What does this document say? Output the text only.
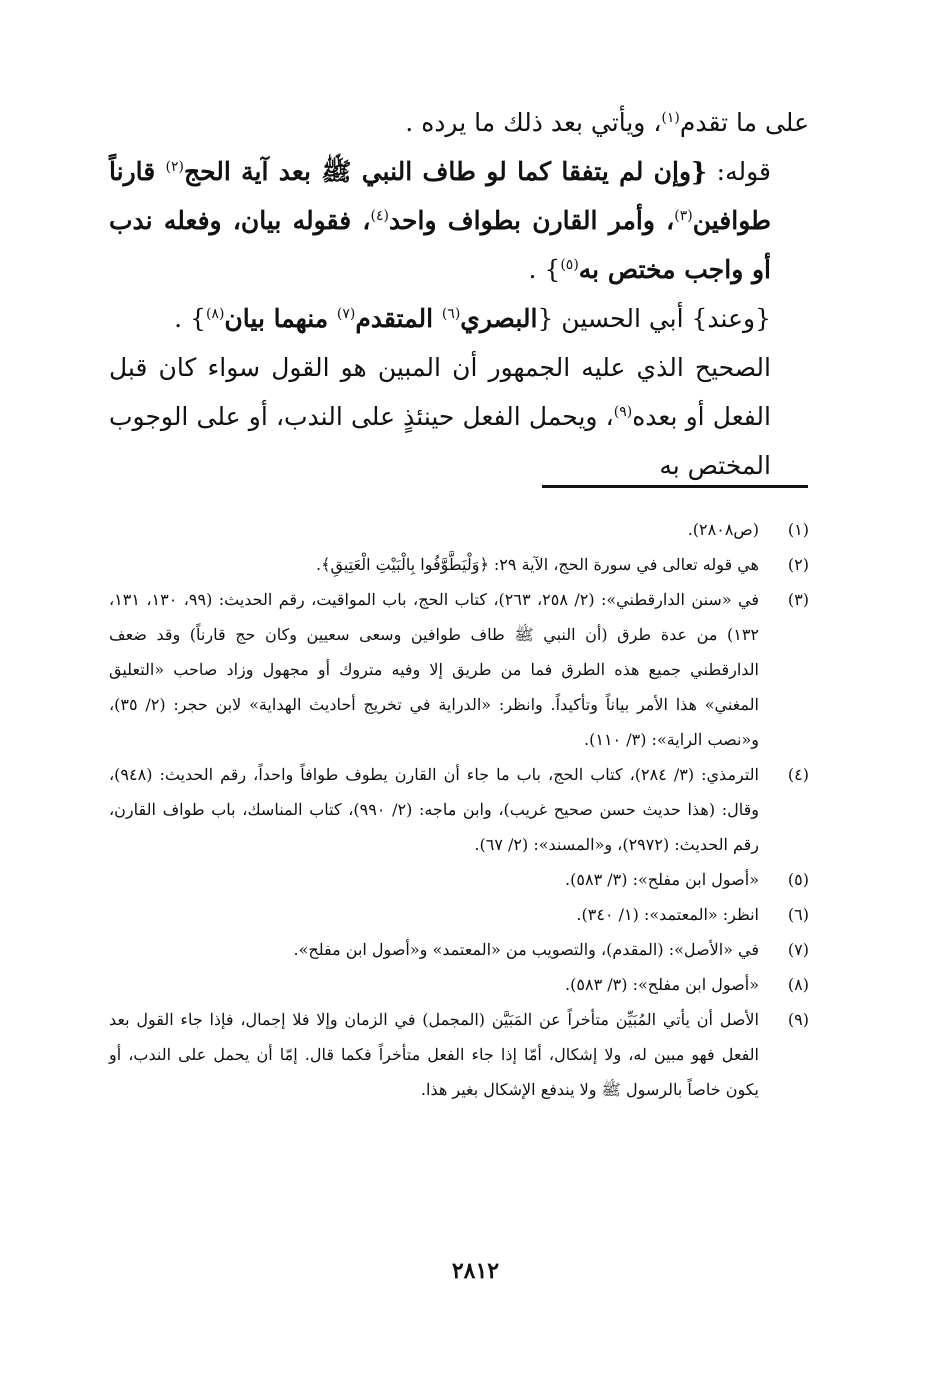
على ما تقدم$^{(١)}$، ويأتي بعد ذلك ما يرده .

قوله: {وإن لم يتفقا كما لو طاف النبي ﷺ بعد آية الحج$^{(٢)}$ قارناً طوافين$^{(٣)}$، وأمر القارن بطواف واحد$^{(٤)}$، فقوله بيان، وفعله ندب أو واجب مختص به$^{(٥)}$} .

{وعند} أبي الحسين {البصري$^{(٦)}$ المتقدم$^{(٧)}$ منهما بيان$^{(٨)}$} .

الصحيح الذي عليه الجمهور أن المبين هو القول سواء كان قبل الفعل أو بعده$^{(٩)}$، ويحمل الفعل حينئذٍ على الندب، أو على الوجوب المختص به

(١)
(ص٢٨٠٨).
(٢)
هي قوله تعالى في سورة الحج، الآية ٢٩: ﴿وَلْيَطَّوَّفُوا بِالْبَيْتِ الْعَتِيقِ﴾.
(٣)
في «سنن الدارقطني»: (٢/ ٢٥٨، ٢٦٣)، كتاب الحج، باب المواقيت، رقم الحديث: (٩٩، ١٣٠، ١٣١، ١٣٢) من عدة طرق (أن النبي ﷺ طاف طوافين وسعى سعيين وكان حج قارناً) وقد ضعف الدارقطني جميع هذه الطرق فما من طريق إلا وفيه متروك أو مجهول وزاد صاحب «التعليق المغني» هذا الأمر بياناً وتأكيداً. وانظر: «الدراية في تخريج أحاديث الهداية» لابن حجر: (٢/ ٣٥)، و«نصب الراية»: (٣/ ١١٠).
(٤)
الترمذي: (٣/ ٢٨٤)، كتاب الحج، باب ما جاء أن القارن يطوف طوافاً واحداً، رقم الحديث: (٩٤٨)، وقال: (هذا حديث حسن صحيح غريب)، وابن ماجه: (٢/ ٩٩٠)، كتاب المناسك، باب طواف القارن، رقم الحديث: (٢٩٧٢)، و«المسند»: (٢/ ٦٧).
(٥)
«أصول ابن مفلح»: (٣/ ٥٨٣).
(٦)
انظر: «المعتمد»: (١/ ٣٤٠).
(٧)
في «الأصل»: (المقدم)، والتصويب من «المعتمد» و«أصول ابن مفلح».
(٨)
«أصول ابن مفلح»: (٣/ ٥٨٣).
(٩)
الأصل أن يأتي المُبَيِّن متأخراً عن المَبَيَّن (المجمل) في الزمان وإلا فلا إجمال، فإذا جاء القول بعد الفعل فهو مبين له، ولا إشكال، أمّا إذا جاء الفعل متأخراً فكما قال. إمّا أن يحمل على الندب، أو يكون خاصاً بالرسول ﷺ ولا يندفع الإشكال بغير هذا.
٢٨١٢
